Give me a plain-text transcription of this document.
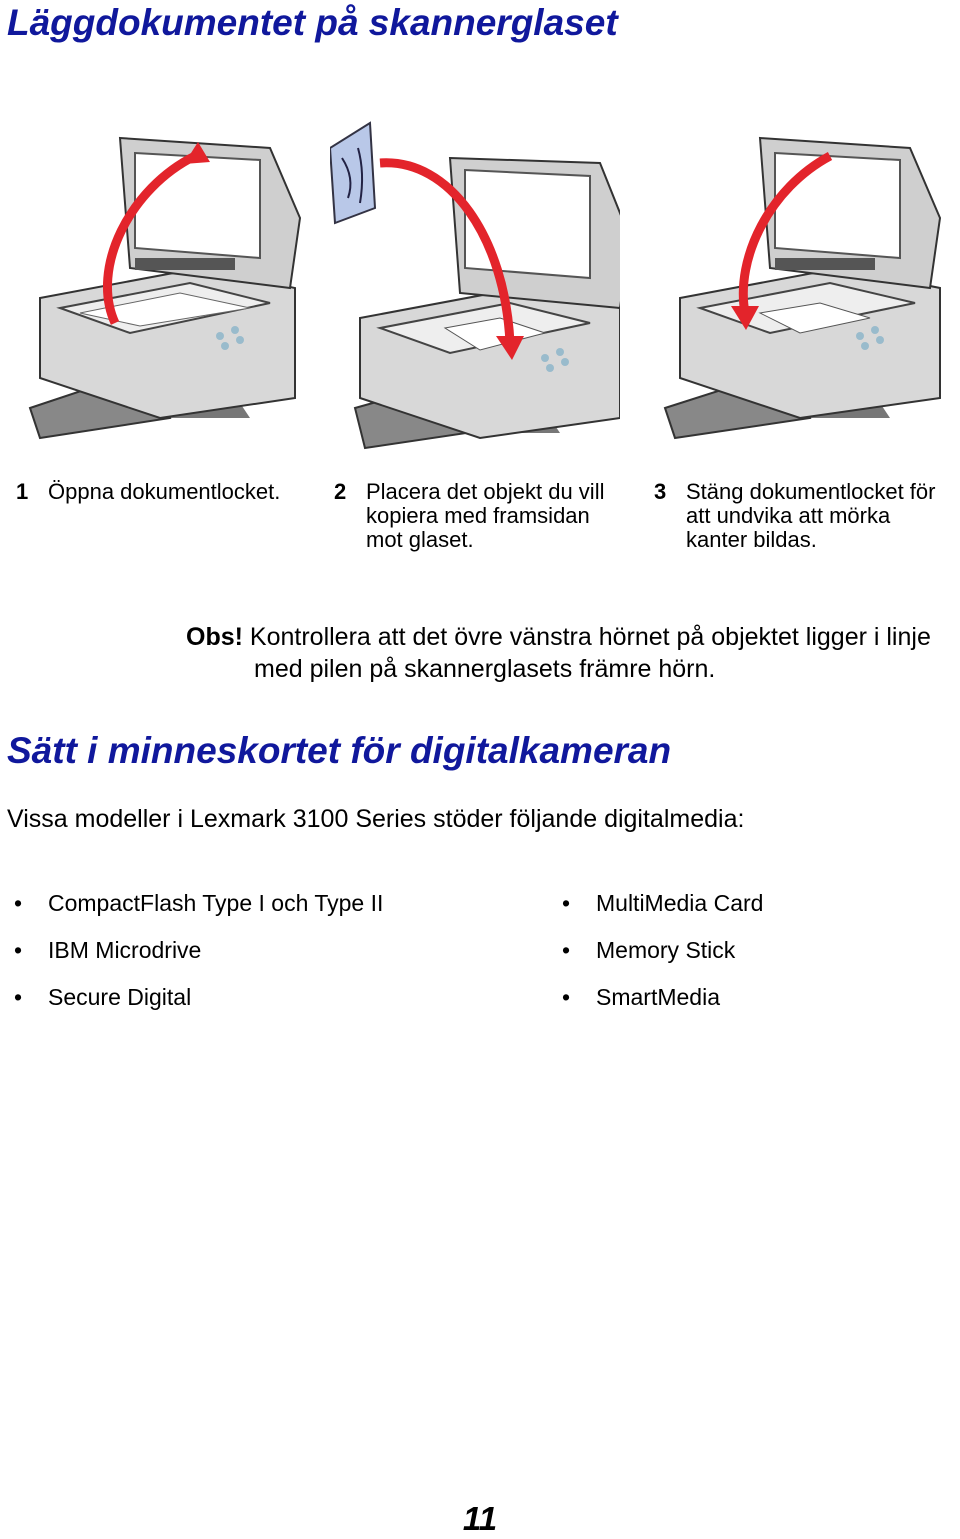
Läggdokumentet på skannerglaset
1 Öppna dokumentlocket.	2 Placera det objekt du vill kopiera med framsidan mot glaset.
3 Stäng dokumentlocket för att undvika att mörka kanter bildas.
Obs! Kontrollera att det övre vänstra hörnet på objektet ligger i linje
med pilen på skannerglasets främre hörn.
Sätt i minneskortet för digitalkameran
Vissa modeller i Lexmark 3100 Series stöder följande digitalmedia:
•	CompactFlash Type I och Type II
•	IBM Microdrive
•	Secure Digital
•	MultiMedia Card
•	Memory Stick
•	SmartMedia
11
